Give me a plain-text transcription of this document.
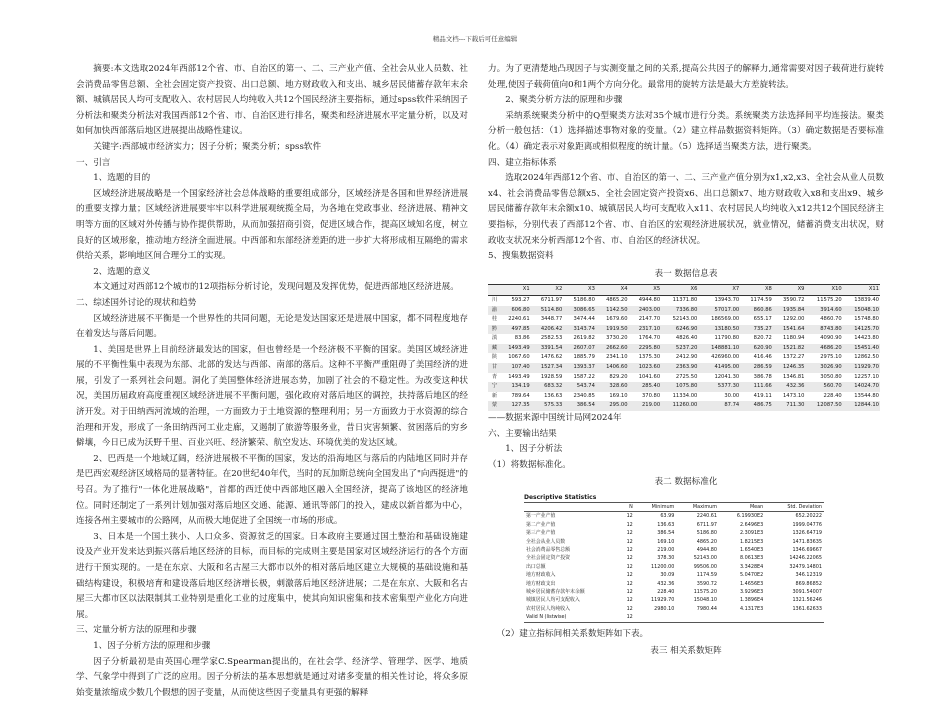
精品文档---下载后可任意编辑

摘要:本文选取2024年西部12个省、市、自治区的第一、二、三产业产值、全社会从业人员数、社会消费品零售总额、全社会固定资产投资、出口总额、地方财政收入和支出、城乡居民储蓄存款年末余额、城镇居民人均可支配收入、农村居民人均纯收入共12个国民经济主要指标，通过spss软件采纳因子分析法和聚类分析法对我国西部12个省、市、自治区进行排名，聚类和经济进展水平定量分析，以及对如何加快西部落后地区进展提出战略性建议。

关键字:西部城市经济实力；因子分析；聚类分析；spss软件

一、引言

1、选题的目的

区域经济进展战略是一个国家经济社会总体战略的重要组成部分，区域经济是各国和世界经济进展的重要支撑力量；区域经济进展要牢牢以科学进展观统揽全局，为各地在党政事业、经济进展、精神文明等方面的区域对外传播与协作提供帮助，从而加强招商引资，促进区域合作，提高区域知名度，树立良好的区域形象，推动地方经济全面进展。中西部和东部经济差距的进一步扩大将形成相互隔绝的需求供给关系，影响地区间合理分工的实现。

2、选题的意义

本文通过对西部12个城市的12项指标分析讨论，发现问题及发挥优势，促进西部地区经济进展。

二、综述国外讨论的现状和趋势

区域经济进展不平衡是一个世界性的共同问题，无论是发达国家还是进展中国家，都不同程度地存在着发达与落后问题。

1、美国是世界上目前经济最发达的国家，但也曾经是一个经济极不平衡的国家。美国区域经济进展的不平衡性集中表现为东部、北部的发达与西部、南部的落后。这种不平衡严重阻碍了美国经济的进展，引发了一系列社会问题。洞化了美国整体经济进展态势，加剧了社会的不稳定性。为改变这种状况，美国历届政府高度重视区域经济进展不平衡问题，强化政府对落后地区的调控，扶持落后地区的经济开发。对于田纳西河流域的治理，一方面致力于土地资源的整理利用；另一方面致力于水资源的综合治理和开发，形成了一条田纳西河工业走廊，又遏制了旅游等服务业，昔日灾害频繁、贫困落后的穷乡僻壤，今日已成为沃野千里、百业兴旺、经济繁荣、航空发达、环境优美的发达区域。

2、巴西是一个地域辽阔，经济进展极不平衡的国家，发达的沿海地区与落后的内陆地区同时并存是巴西宏观经济区域格局的显著特征。在20世纪40年代，当时的瓦加斯总统向全国发出了"向西挺进"的号召。为了推行"一体化进展战略"，首都的西迁使中西部地区融入全国经济，提高了该地区的经济地位。同时还制定了一系列计划加强对落后地区交通、能源、通讯等部门的投入，建成以新首都为中心，连接各州主要城市的公路网，从而极大地促进了全国统一市场的形成。

3、日本是一个国土狭小、人口众多、资源贫乏的国家。日本政府主要通过国土整治和基础设施建设及产业开发来达到振兴落后地区经济的目标，而目标的完成则主要是国家对区域经济运行的各个方面进行干预实现的。一是在东京、大阪和名古屋三大都市以外的相对落后地区建立大规模的基础设施和基础结构建设，积极培育和建设落后地区经济增长极，刺激落后地区经济进展；二是在东京、大阪和名古屋三大都市区以法限制其工业特别是重化工业的过度集中，使其向知识密集和技术密集型产业化方向进展。

三、定量分析方法的原理和步骤

1、因子分析方法的原理和步骤

因子分析最初是由英国心理学家C.Spearman提出的，在社会学、经济学、管理学、医学、地质学、气象学中得到了广泛的应用。因子分析法的基本思想就是通过对诸多变量的相关性讨论，将众多原始变量浓缩成少数几个假想的因子变量，从而使这些因子变量具有更强的解释

力。为了更清楚地凸现因子与实测变量之间的关系,提高公共因子的解释力,通常需要对因子载荷进行旋转处理,使因子载荷值向0和1两个方向分化。最常用的旋转方法是最大方差旋转法。

2、聚类分析方法的原理和步骤

采纳系统聚类分析中的Q型聚类方法对35个城市进行分类。系统聚类方法选择间平均连接法。聚类分析一般包括：（1）选择描述事物对象的变量。（2）建立样品数据资料矩阵。（3）确定数据是否要标准化。（4）确定表示对象距离或相似程度的统计量。（5）选择适当聚类方法，进行聚类。

四、建立指标体系

选取2024年西部12个省、市、自治区的第一、二、三产业产值分别为x1,x2,x3、全社会从业人员数x4、社会消费品零售总额x5、全社会固定资产投资x6、出口总额x7、地方财政收入x8和支出x9、城乡居民储蓄存款年末余额x10、城镇居民人均可支配收入x11、农村居民人均纯收入x12共12个国民经济主要指标，分别代表了西部12个省、市、自治区的宏观经济进展状况，就业情况，储蓄消费支出状况，财政收支状况来分析西部12个省、市、自治区的经济状况。

5、搜集数据资料

表一 数据信息表

	X1	X2	X3	X4	X5	X6	X7	X8	X9	X10	X11
川	593.27	6711.97	5186.80	4865.20	4944.80	11371.80	13943.70	1174.59	3590.72	11575.20	13839.40
渝	606.80	5114.80	3086.65	1142.50	2403.00	7336.80	57017.00	860.86	1935.84	3914.60	15048.10
桂	2240.61	3448.77	3474.44	1679.60	2147.70	52143.00	186569.00	655.17	1292.00	4860.70	15748.80
黔	497.85	4206.42	3143.74	1919.50	2317.10	6246.90	13180.50	735.27	1541.64	8743.80	14125.70
滇	83.86	2582.53	2619.82	3730.20	1764.70	4826.40	11790.80	820.72	1180.94	4090.90	14423.80
藏	1493.49	3391.54	2607.07	2662.60	2295.80	5237.20	148881.10	620.90	1521.82	4686.20	15451.40
陕	1067.60	1476.62	1885.79	2341.10	1375.30	2412.90	426960.00	416.46	1372.27	2975.10	12862.50
甘	107.40	1527.34	1393.37	1406.60	1023.60	2363.90	41495.00	286.59	1246.35	3026.90	11929.70
青	1493.49	1928.59	1587.22	829.20	1041.60	2725.50	12041.30	386.78	1346.81	3050.80	12257.10
宁	134.19	683.32	543.74	328.60	285.40	1075.80	5377.30	111.66	432.36	560.70	14024.70
新	789.64	136.63	2340.85	169.10	370.80	11334.00	30.00	419.11	1473.10	228.40	13544.80
蒙	127.35	575.33	386.54	295.00	219.00	11260.00	87.74	486.75	711.30	12087.50	12844.10

——数据来源中国统计局网2024年

六、主要输出结果

1、因子分析法

（1）将数据标准化。

表二 数据标准化

Descriptive Statistics
	N	Minimum	Maximum	Mean	Std. Deviation
第一产业产值	12	63.99	2240.61	6.19930E2	652.20222
第二产业产值	12	136.63	6711.97	2.6496E3	1999.04776
第三产业产值	12	386.54	5186.80	2.3091E3	1326.64719
全社会从业人员数	12	169.10	4865.20	1.8215E3	1471.83635
社会消费品零售总额	12	219.00	4944.80	1.6540E3	1346.69667
全社会固定资产投资	12	378.30	52143.00	8.0613E3	14246.22065
出口总额	12	11200.00	99506.00	3.3428E4	32479.14801
地方财政收入	12	30.09	1174.59	5.0470E2	346.12319
地方财政支出	12	432.36	3590.72	1.4656E3	869.86852
城乡居民储蓄存款年末余额	12	228.40	11575.20	3.9296E3	3091.54007
城镇居民人均可支配收入	12	11929.70	15048.10	1.3896E4	1321.56246
农村居民人均纯收入	12	2980.10	7980.44	4.1317E3	1361.62633
Valid N (listwise)	12				

（2）建立指标间相关系数矩阵如下表。

表三 相关系数矩阵
